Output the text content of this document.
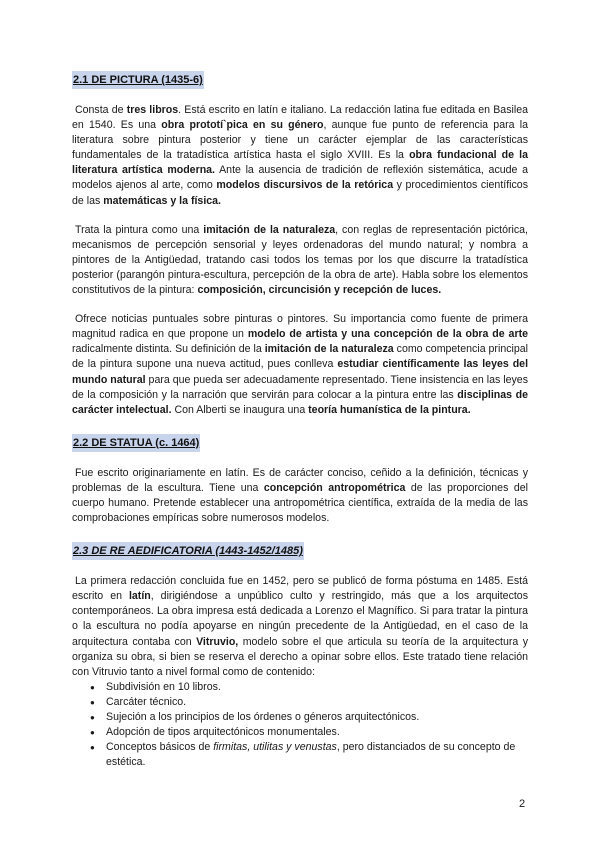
2.1 DE PICTURA (1435-6)

Consta de tres libros. Está escrito en latín e italiano. La redacción latina fue editada en Basilea en 1540. Es una obra prototí`pica en su género, aunque fue punto de referencia para la literatura sobre pintura posterior y tiene un carácter ejemplar de las características fundamentales de la tratadística artística hasta el siglo XVIII. Es la obra fundacional de la literatura artística moderna. Ante la ausencia de tradición de reflexión sistemática, acude a modelos ajenos al arte, como modelos discursivos de la retórica y procedimientos científicos de las matemáticas y la física.

Trata la pintura como una imitación de la naturaleza, con reglas de representación pictórica, mecanismos de percepción sensorial y leyes ordenadoras del mundo natural; y nombra a pintores de la Antigüedad, tratando casi todos los temas por los que discurre la tratadística posterior (parangón pintura-escultura, percepción de la obra de arte). Habla sobre los elementos constitutivos de la pintura: composición, circuncisión y recepción de luces.

Ofrece noticias puntuales sobre pinturas o pintores. Su importancia como fuente de primera magnitud radica en que propone un modelo de artista y una concepción de la obra de arte radicalmente distinta. Su definición de la imitación de la naturaleza como competencia principal de la pintura supone una nueva actitud, pues conlleva estudiar científicamente las leyes del mundo natural para que pueda ser adecuadamente representado. Tiene insistencia en las leyes de la composición y la narración que servirán para colocar a la pintura entre las disciplinas de carácter intelectual. Con Alberti se inaugura una teoría humanística de la pintura.

2.2 DE STATUA (c. 1464)

Fue escrito originariamente en latín. Es de carácter conciso, ceñido a la definición, técnicas y problemas de la escultura. Tiene una concepción antropométrica de las proporciones del cuerpo humano. Pretende establecer una antropométrica científica, extraída de la media de las comprobaciones empíricas sobre numerosos modelos.

2.3 DE RE AEDIFICATORIA (1443-1452/1485)

La primera redacción concluida fue en 1452, pero se publicó de forma póstuma en 1485. Está escrito en latín, dirigiéndose a unpúblico culto y restringido, más que a los arquitectos contemporáneos. La obra impresa está dedicada a Lorenzo el Magnífico. Si para tratar la pintura o la escultura no podía apoyarse en ningún precedente de la Antigüedad, en el caso de la arquitectura contaba con Vitruvio, modelo sobre el que articula su teoría de la arquitectura y organiza su obra, si bien se reserva el derecho a opinar sobre ellos. Este tratado tiene relación con Vitruvio tanto a nivel formal como de contenido:

● Subdivisión en 10 libros.
● Carcáter técnico.
● Sujeción a los principios de los órdenes o géneros arquitectónicos.
● Adopción de tipos arquitectónicos monumentales.
● Conceptos básicos de firmitas, utilitas y venustas, pero distanciados de su concepto de estética.
2
